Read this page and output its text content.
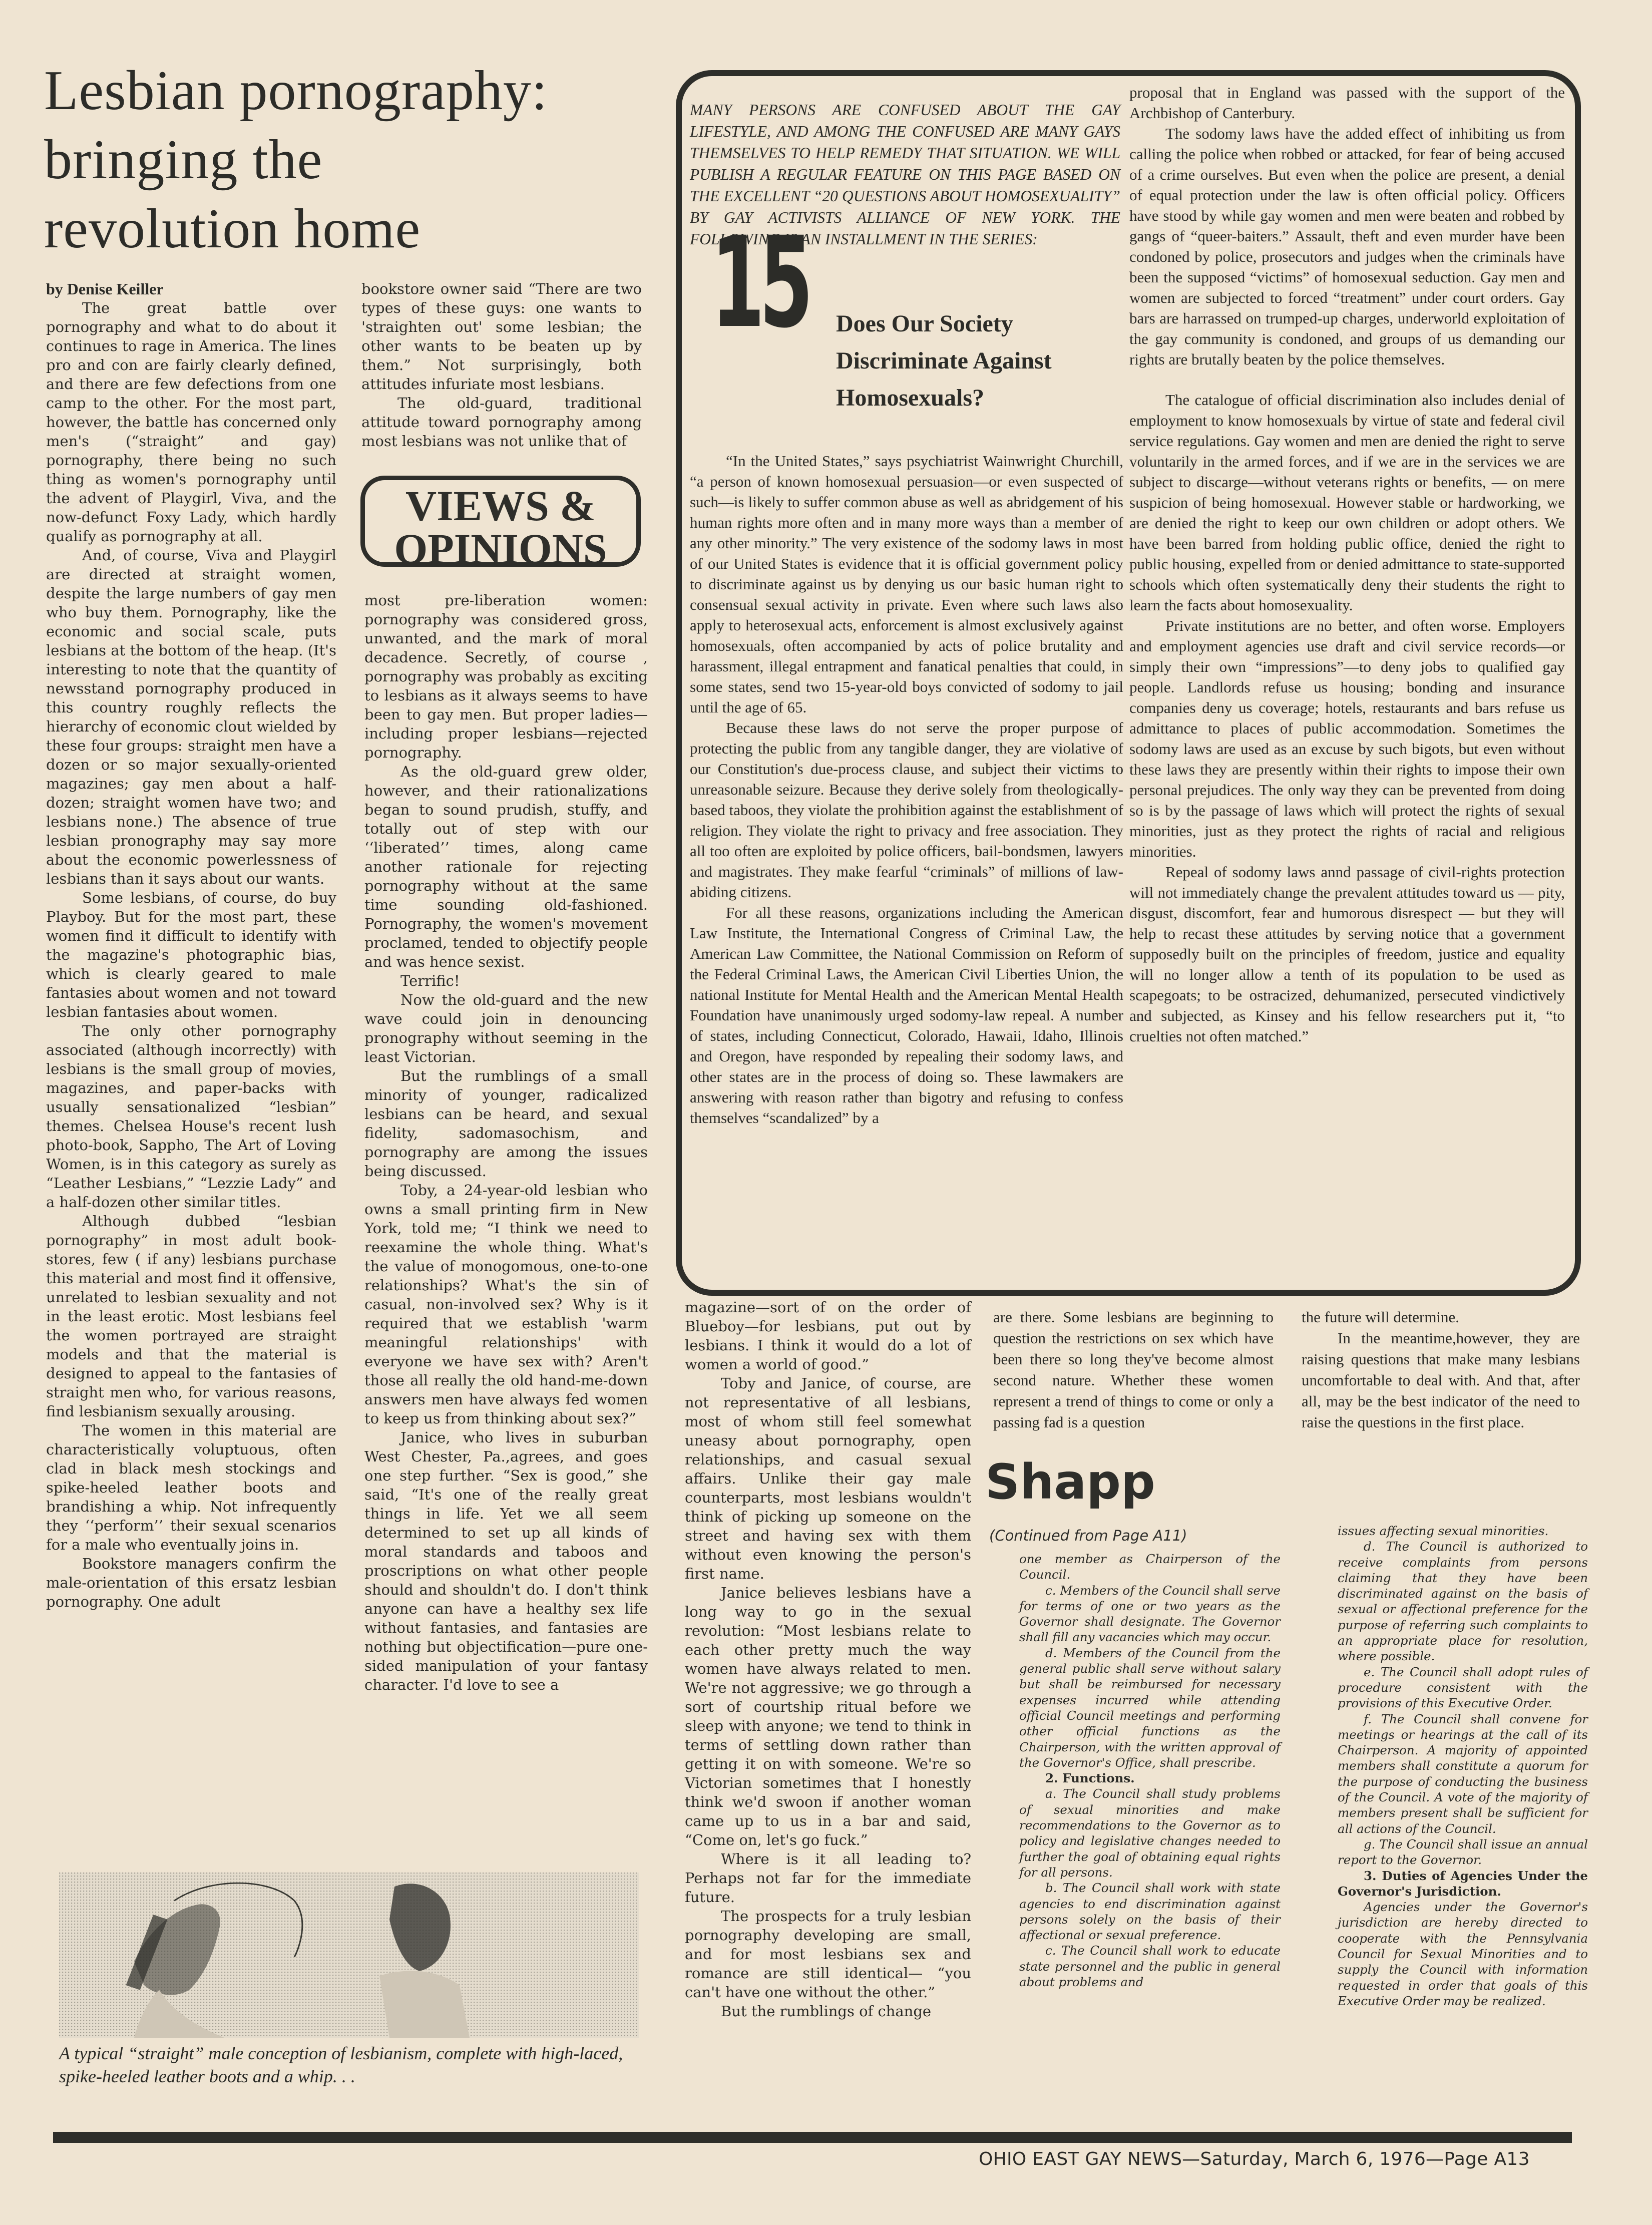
Lesbian pornography:
bringing the
revolution home
by Denise Keiller

The great battle over pornography and what to do about it continues to rage in America. The lines pro and con are fairly clearly defined, and there are few defections from one camp to the other. For the most part, however, the battle has concerned only men's (“straight” and gay) pornography, there being no such thing as women's pornography until the advent of Playgirl, Viva, and the now-defunct Foxy Lady, which hardly qualify as pornography at all.

And, of course, Viva and Playgirl are directed at straight women, despite the large numbers of gay men who buy them. Pornography, like the economic and social scale, puts lesbians at the bottom of the heap. (It's interesting to note that the quantity of newsstand pornography produced in this country roughly reflects the hierarchy of economic clout wielded by these four groups: straight men have a dozen or so major sexually-oriented magazines; gay men about a half-dozen; straight women have two; and lesbians none.) The absence of true lesbian pronography may say more about the economic powerlessness of lesbians than it says about our wants.

Some lesbians, of course, do buy Playboy. But for the most part, these women find it difficult to identify with the magazine's photographic bias, which is clearly geared to male fantasies about women and not toward lesbian fantasies about women.

The only other pornography associated (although incorrectly) with lesbians is the small group of movies, magazines, and paper-backs with usually sensationalized “lesbian” themes. Chelsea House's recent lush photo-book, Sappho, The Art of Loving Women, is in this category as surely as “Leather Lesbians,” “Lezzie Lady” and a half-dozen other similar titles.

Although dubbed “lesbian pornography” in most adult book-stores, few ( if any) lesbians purchase this material and most find it offensive, unrelated to lesbian sexuality and not in the least erotic. Most lesbians feel the women portrayed are straight models and that the material is designed to appeal to the fantasies of straight men who, for various reasons, find lesbianism sexually arousing.

The women in this material are characteristically voluptuous, often clad in black mesh stockings and spike-heeled leather boots and brandishing a whip. Not infrequently they ‘‘perform’’ their sexual scenarios for a male who eventually joins in.

Bookstore managers confirm the male-orientation of this ersatz lesbian pornography. One adult

bookstore owner said “There are two types of these guys: one wants to 'straighten out' some lesbian; the other wants to be beaten up by them.” Not surprisingly, both attitudes infuriate most lesbians.

The old-guard, traditional attitude toward pornography among most lesbians was not unlike that of

VIEWS &
OPINIONS

most pre-liberation women: pornography was considered gross, unwanted, and the mark of moral decadence. Secretly, of course , pornography was probably as exciting to lesbians as it always seems to have been to gay men. But proper ladies— including proper lesbians—rejected pornography.

As the old-guard grew older, however, and their rationalizations began to sound prudish, stuffy, and totally out of step with our ‘‘liberated’’ times, along came another rationale for rejecting pornography without at the same time sounding old-fashioned. Pornography, the women's movement proclamed, tended to objectify people and was hence sexist.

Terrific!

Now the old-guard and the new wave could join in denouncing pronography without seeming in the least Victorian.

But the rumblings of a small minority of younger, radicalized lesbians can be heard, and sexual fidelity, sadomasochism, and pornography are among the issues being discussed.

Toby, a 24-year-old lesbian who owns a small printing firm in New York, told me; “I think we need to reexamine the whole thing. What's the value of monogomous, one-to-one relationships? What's the sin of casual, non-involved sex? Why is it required that we establish 'warm meaningful relationships' with everyone we have sex with? Aren't those all really the old hand-me-down answers men have always fed women to keep us from thinking about sex?”

Janice, who lives in suburban West Chester, Pa.,agrees, and goes one step further. “Sex is good,” she said, “It's one of the really great things in life. Yet we all seem determined to set up all kinds of moral standards and taboos and proscriptions on what other people should and shouldn't do. I don't think anyone can have a healthy sex life without fantasies, and fantasies are nothing but objectification—pure one-sided manipulation of your fantasy character. I'd love to see a

MANY PERSONS ARE CONFUSED ABOUT THE GAY LIFESTYLE, AND AMONG THE CONFUSED ARE MANY GAYS THEMSELVES TO HELP REMEDY THAT SITUATION. WE WILL PUBLISH A REGULAR FEATURE ON THIS PAGE BASED ON THE EXCELLENT “20 QUESTIONS ABOUT HOMOSEXUALITY” BY GAY ACTIVISTS ALLIANCE OF NEW YORK. THE FOLLOWING IS AN INSTALLMENT IN THE SERIES:
15 Does Our Society Discriminate Against Homosexuals?

“In the United States,” says psychiatrist Wainwright Churchill, “a person of known homosexual persuasion—or even suspected of such—is likely to suffer common abuse as well as abridgement of his human rights more often and in many more ways than a member of any other minority.” The very existence of the sodomy laws in most of our United States is evidence that it is official government policy to discriminate against us by denying us our basic human right to consensual sexual activity in private. Even where such laws also apply to heterosexual acts, enforcement is almost exclusively against homosexuals, often accompanied by acts of police brutality and harassment, illegal entrapment and fanatical penalties that could, in some states, send two 15-year-old boys convicted of sodomy to jail until the age of 65.

Because these laws do not serve the proper purpose of protecting the public from any tangible danger, they are violative of our Constitution's due-process clause, and subject their victims to unreasonable seizure. Because they derive solely from theologically-based taboos, they violate the prohibition against the establishment of religion. They violate the right to privacy and free association. They all too often are exploited by police officers, bail-bondsmen, lawyers and magistrates. They make fearful “criminals” of millions of law-abiding citizens.

For all these reasons, organizations including the American Law Institute, the International Congress of Criminal Law, the American Law Committee, the National Commission on Reform of the Federal Criminal Laws, the American Civil Liberties Union, the national Institute for Mental Health and the American Mental Health Foundation have unanimously urged sodomy-law repeal. A number of states, including Connecticut, Colorado, Hawaii, Idaho, Illinois and Oregon, have responded by repealing their sodomy laws, and other states are in the process of doing so. These lawmakers are answering with reason rather than bigotry and refusing to confess themselves “scandalized” by a

proposal that in England was passed with the support of the Archbishop of Canterbury.

The sodomy laws have the added effect of inhibiting us from calling the police when robbed or attacked, for fear of being accused of a crime ourselves. But even when the police are present, a denial of equal protection under the law is often official policy. Officers have stood by while gay women and men were beaten and robbed by gangs of “queer-baiters.” Assault, theft and even murder have been condoned by police, prosecutors and judges when the criminals have been the supposed “victims” of homosexual seduction. Gay men and women are subjected to forced “treatment” under court orders. Gay bars are harrassed on trumped-up charges, underworld exploitation of the gay community is condoned, and groups of us demanding our rights are brutally beaten by the police themselves.

The catalogue of official discrimination also includes denial of employment to know homosexuals by virtue of state and federal civil service regulations. Gay women and men are denied the right to serve voluntarily in the armed forces, and if we are in the services we are subject to discarge—without veterans rights or benefits, — on mere suspicion of being homosexual. However stable or hardworking, we are denied the right to keep our own children or adopt others. We have been barred from holding public office, denied the right to public housing, expelled from or denied admittance to state-supported schools which often systematically deny their students the right to learn the facts about homosexuality.

Private institutions are no better, and often worse. Employers and employment agencies use draft and civil service records—or simply their own “impressions”—to deny jobs to qualified gay people. Landlords refuse us housing; bonding and insurance companies deny us coverage; hotels, restaurants and bars refuse us admittance to places of public accommodation. Sometimes the sodomy laws are used as an excuse by such bigots, but even without these laws they are presently within their rights to impose their own personal prejudices. The only way they can be prevented from doing so is by the passage of laws which will protect the rights of sexual minorities, just as they protect the rights of racial and religious minorities.

Repeal of sodomy laws annd passage of civil-rights protection will not immediately change the prevalent attitudes toward us — pity, disgust, discomfort, fear and humorous disrespect — but they will help to recast these attitudes by serving notice that a government supposedly built on the principles of freedom, justice and equality will no longer allow a tenth of its population to be used as scapegoats; to be ostracized, dehumanized, persecuted vindictively and subjected, as Kinsey and his fellow researchers put it, “to cruelties not often matched.”

magazine—sort of on the order of Blueboy—for lesbians, put out by lesbians. I think it would do a lot of women a world of good.”

Toby and Janice, of course, are not representative of all lesbians, most of whom still feel somewhat uneasy about pornography, open relationships, and casual sexual affairs. Unlike their gay male counterparts, most lesbians wouldn't think of picking up someone on the street and having sex with them without even knowing the person's first name.

Janice believes lesbians have a long way to go in the sexual revolution: “Most lesbians relate to each other pretty much the way women have always related to men. We're not aggressive; we go through a sort of courtship ritual before we sleep with anyone; we tend to think in terms of settling down rather than getting it on with someone. We're so Victorian sometimes that I honestly think we'd swoon if another woman came up to us in a bar and said, “Come on, let's go fuck.”

Where is it all leading to? Perhaps not far for the immediate future.

The prospects for a truly lesbian pornography developing are small, and for most lesbians sex and romance are still identical— “you can't have one without the other.”

But the rumblings of change

are there. Some lesbians are beginning to question the restrictions on sex which have been there so long they've become almost second nature. Whether these women represent a trend of things to come or only a passing fad is a question

the future will determine.

In the meantime,however, they are raising questions that make many lesbians uncomfortable to deal with. And that, after all, may be the best indicator of the need to raise the questions in the first place.

Shapp
(Continued from Page A11)

one member as Chairperson of the Council.

c. Members of the Council shall serve for terms of one or two years as the Governor shall designate. The Governor shall fill any vacancies which may occur.

d. Members of the Council from the general public shall serve without salary but shall be reimbursed for necessary expenses incurred while attending official Council meetings and performing other official functions as the Chairperson, with the written approval of the Governor's Office, shall prescribe.

2. Functions.

a. The Council shall study problems of sexual minorities and make recommendations to the Governor as to policy and legislative changes needed to further the goal of obtaining equal rights for all persons.

b. The Council shall work with state agencies to end discrimination against persons solely on the basis of their affectional or sexual preference.

c. The Council shall work to educate state personnel and the public in general about problems and

issues affecting sexual minorities.

d. The Council is authorized to receive complaints from persons claiming that they have been discriminated against on the basis of sexual or affectional preference for the purpose of referring such complaints to an appropriate place for resolution, where possible.

e. The Council shall adopt rules of procedure consistent with the provisions of this Executive Order.

f. The Council shall convene for meetings or hearings at the call of its Chairperson. A majority of appointed members shall constitute a quorum for the purpose of conducting the business of the Council. A vote of the majority of members present shall be sufficient for all actions of the Council.

g. The Council shall issue an annual report to the Governor.

3. Duties of Agencies Under the Governor's Jurisdiction.

Agencies under the Governor's jurisdiction are hereby directed to cooperate with the Pennsylvania Council for Sexual Minorities and to supply the Council with information requested in order that goals of this Executive Order may be realized.

A typical “straight” male conception of lesbianism, complete with high-laced, spike-heeled leather boots and a whip. . .
OHIO EAST GAY NEWS—Saturday, March 6, 1976—Page A13
